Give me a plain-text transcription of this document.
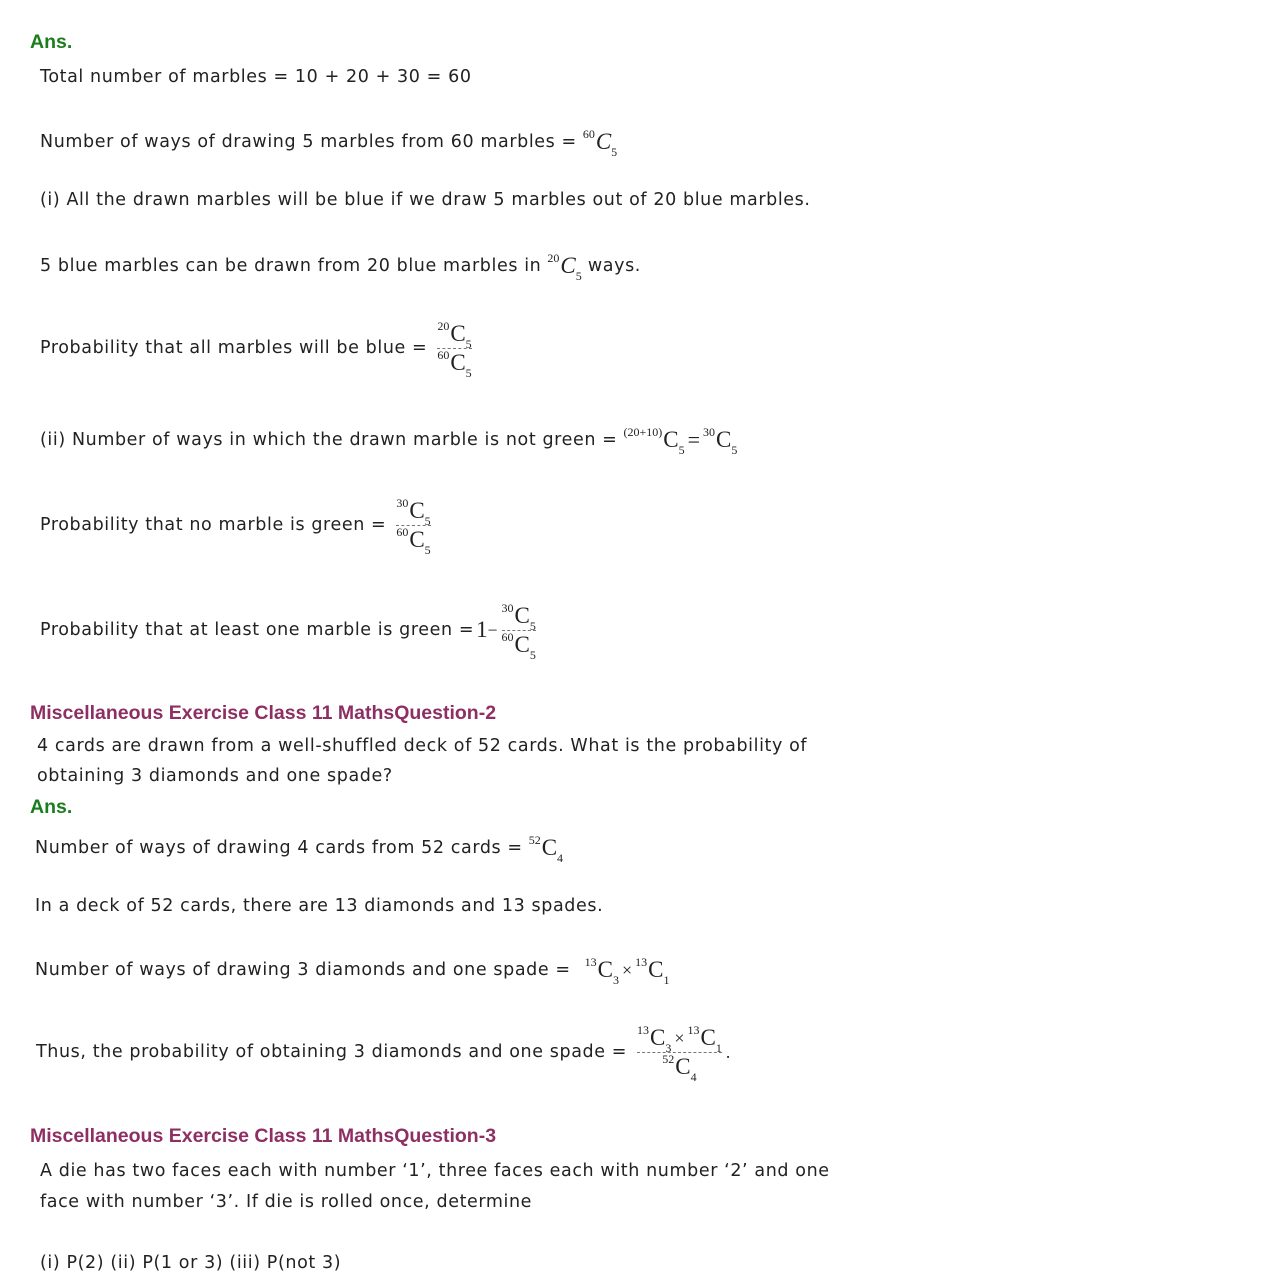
Ans.
Total number of marbles = 10 + 20 + 30 = 60
Number of ways of drawing 5 marbles from 60 marbles = 60 C 5
(i) All the drawn marbles will be blue if we draw 5 marbles out of 20 blue marbles.
5 blue marbles can be drawn from 20 blue marbles in 20 C 5
ways.
Probability that all marbles will be blue = $\frac{20 C 5}{60 C 5}$
(ii) Number of ways in which the drawn marble is not green = (20+10) C 5 = 30 C 5
Probability that no marble is green = $\frac{30 C 5}{60 C 5}$
Probability that at least one marble is green = $1 - \frac{30 C 5}{60 C 5}$
Miscellaneous Exercise Class 11 MathsQuestion-2
4 cards are drawn from a well-shuffled deck of 52 cards. What is the probability of
obtaining 3 diamonds and one spade?
Ans.
Number of ways of drawing 4 cards from 52 cards = 52 C 4
In a deck of 52 cards, there are 13 diamonds and 13 spades.
Number of ways of drawing 3 diamonds and one spade = 13 C 3 × 13 C 1
Thus, the probability of obtaining 3 diamonds and one spade = $\frac{13 C 3 \times 13 C 1}{52 C 4}$ .
Miscellaneous Exercise Class 11 MathsQuestion-3
A die has two faces each with number ‘1’, three faces each with number ‘2’ and one
face with number ‘3’. If die is rolled once, determine
(i) P(2) (ii) P(1 or 3) (iii) P(not 3)
